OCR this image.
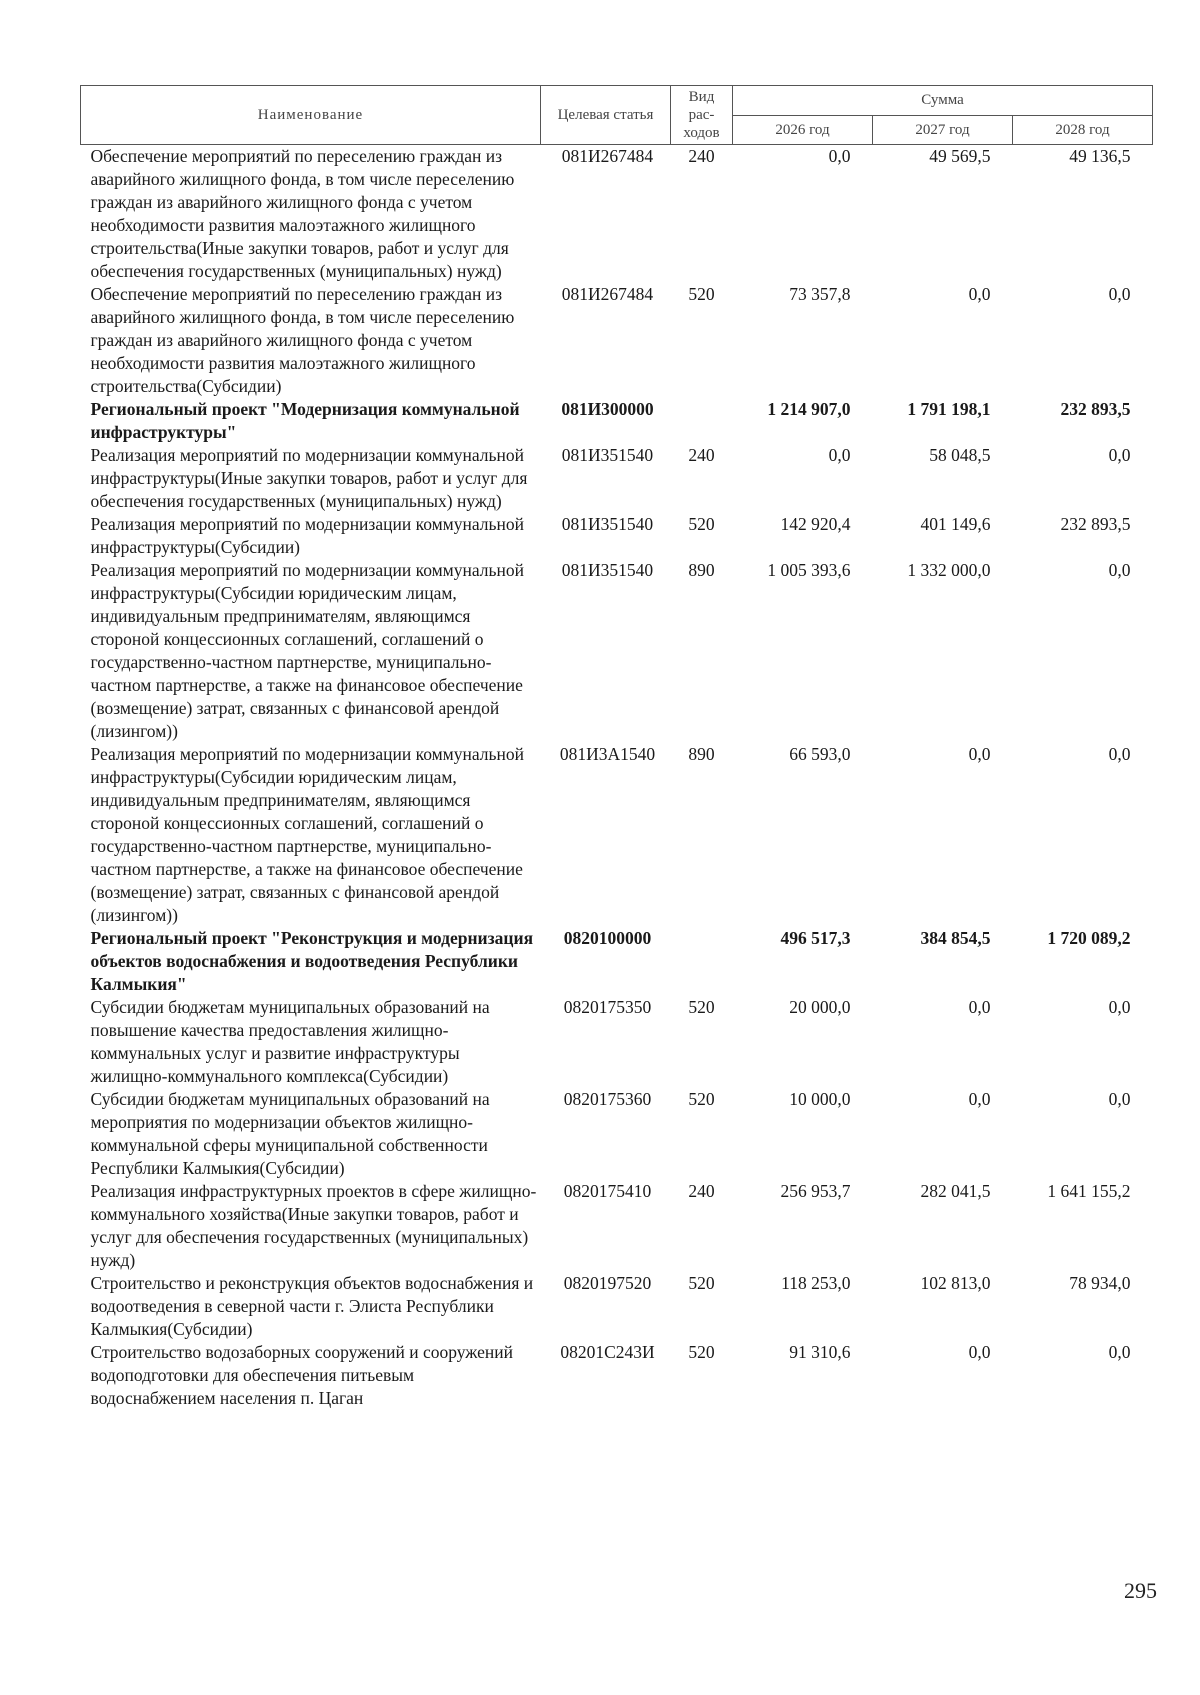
Наименование	Целевая статья	Вид рас-ходов	Сумма		
			2026 год	2027 год	2028 год
Обеспечение мероприятий по переселению граждан из аварийного жилищного фонда, в том числе переселению граждан из аварийного жилищного фонда с учетом необходимости развития малоэтажного жилищного строительства(Иные закупки товаров, работ и услуг для обеспечения государственных (муниципальных) нужд)	081И267484	240	0,0	49 569,5	49 136,5
Обеспечение мероприятий по переселению граждан из аварийного жилищного фонда, в том числе переселению граждан из аварийного жилищного фонда с учетом необходимости развития малоэтажного жилищного строительства(Субсидии)	081И267484	520	73 357,8	0,0	0,0
Региональный проект "Модернизация коммунальной инфраструктуры"	081И300000		1 214 907,0	1 791 198,1	232 893,5
Реализация мероприятий по модернизации коммунальной инфраструктуры(Иные закупки товаров, работ и услуг для обеспечения государственных (муниципальных) нужд)	081И351540	240	0,0	58 048,5	0,0
Реализация мероприятий по модернизации коммунальной инфраструктуры(Субсидии)	081И351540	520	142 920,4	401 149,6	232 893,5
Реализация мероприятий по модернизации коммунальной инфраструктуры(Субсидии юридическим лицам, индивидуальным предпринимателям, являющимся стороной концессионных соглашений, соглашений о государственно-частном партнерстве, муниципально-частном партнерстве, а также на финансовое обеспечение (возмещение) затрат, связанных с финансовой арендой (лизингом))	081И351540	890	1 005 393,6	1 332 000,0	0,0
Реализация мероприятий по модернизации коммунальной инфраструктуры(Субсидии юридическим лицам, индивидуальным предпринимателям, являющимся стороной концессионных соглашений, соглашений о государственно-частном партнерстве, муниципально-частном партнерстве, а также на финансовое обеспечение (возмещение) затрат, связанных с финансовой арендой (лизингом))	081И3А1540	890	66 593,0	0,0	0,0
Региональный проект "Реконструкция и модернизация объектов водоснабжения и водоотведения Республики Калмыкия"	0820100000		496 517,3	384 854,5	1 720 089,2
Субсидии бюджетам муниципальных образований на повышение качества предоставления жилищно-коммунальных услуг и развитие инфраструктуры жилищно-коммунального комплекса(Субсидии)	0820175350	520	20 000,0	0,0	0,0
Субсидии бюджетам муниципальных образований на мероприятия по модернизации объектов жилищно-коммунальной сферы муниципальной собственности Республики Калмыкия(Субсидии)	0820175360	520	10 000,0	0,0	0,0
Реализация инфраструктурных проектов в сфере жилищно-коммунального хозяйства(Иные закупки товаров, работ и услуг для обеспечения государственных (муниципальных) нужд)	0820175410	240	256 953,7	282 041,5	1 641 155,2
Строительство и реконструкция объектов водоснабжения и водоотведения в северной части г. Элиста Республики Калмыкия(Субсидии)	0820197520	520	118 253,0	102 813,0	78 934,0
Строительство водозаборных сооружений и сооружений водоподготовки для обеспечения питьевым водоснабжением населения п. Цаган	08201С243И	520	91 310,6	0,0	0,0
295
